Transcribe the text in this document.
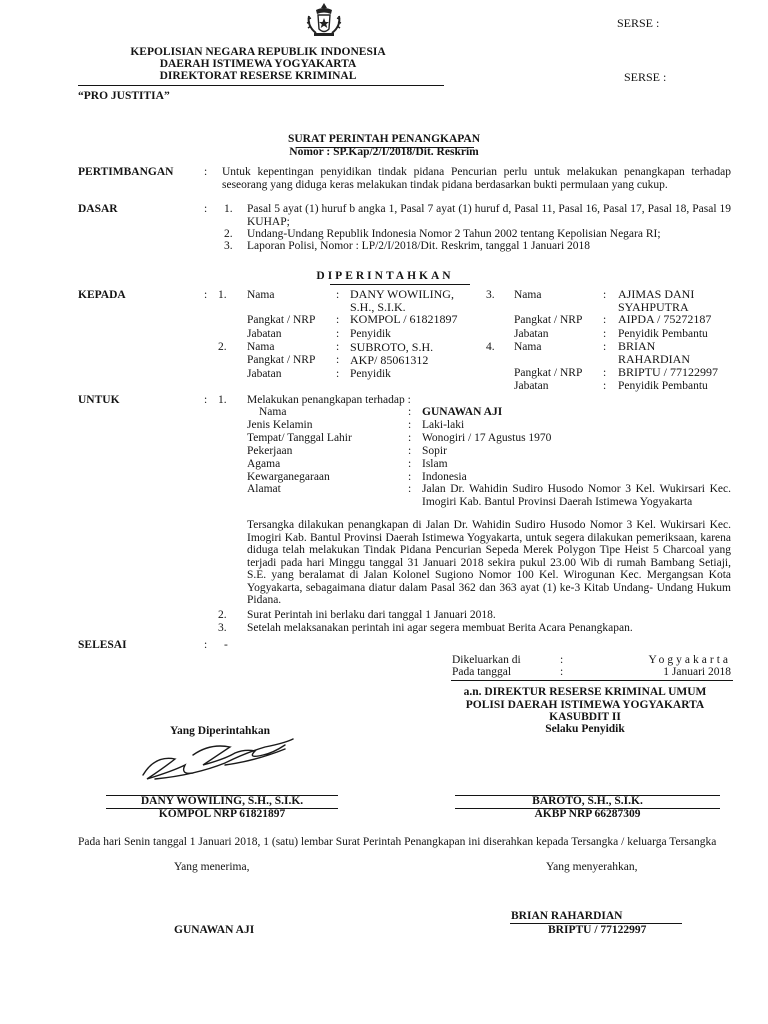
SERSE :
KEPOLISIAN NEGARA REPUBLIK INDONESIA
DAERAH ISTIMEWA YOGYAKARTA
DIREKTORAT RESERSE KRIMINAL	SERSE :
“PRO JUSTITIA”
SURAT PERINTAH PENANGKAPAN
Nomor : SP.Kap/2/I/2018/Dit. Reskrim
PERTIMBANGAN	: Untuk kepentingan penyidikan tindak pidana Pencurian perlu untuk melakukan penangkapan terhadap seseorang yang diduga keras melakukan tindak pidana berdasarkan bukti permulaan yang cukup.
DASAR	: 1. Pasal 5 ayat (1) huruf b angka 1, Pasal 7 ayat (1) huruf d, Pasal 11, Pasal 16, Pasal 17, Pasal 18, Pasal 19 KUHAP;
2. Undang-Undang Republik Indonesia Nomor 2 Tahun 2002 tentang Kepolisian Negara RI;
3. Laporan Polisi, Nomor : LP/2/I/2018/Dit. Reskrim, tanggal 1 Januari 2018
DIPERINTAHKAN
KEPADA	: 1. Nama	: DANY WOWILING, S.H., S.I.K.
Pangkat / NRP : KOMPOL / 61821897
Jabatan	: Penyidik
2. Nama	: SUBROTO, S.H.
Pangkat / NRP : AKP/ 85061312
Jabatan	: Penyidik
3. Nama	: AJIMAS DANI SYAHPUTRA
Pangkat / NRP : AIPDA / 75272187
Jabatan	: Penyidik Pembantu
4. Nama	: BRIAN RAHARDIAN
Pangkat / NRP : BRIPTU / 77122997
Jabatan	: Penyidik Pembantu
UNTUK	: 1. Melakukan penangkapan terhadap :
Nama	: GUNAWAN AJI
Jenis Kelamin	: Laki-laki
Tempat/ Tanggal Lahir	: Wonogiri / 17 Agustus 1970
Pekerjaan	: Sopir
Agama	: Islam
Kewarganegaraan	: Indonesia
Alamat	: Jalan Dr. Wahidin Sudiro Husodo Nomor 3 Kel. Wukirsari Kec. Imogiri Kab. Bantul Provinsi Daerah Istimewa Yogyakarta
Tersangka dilakukan penangkapan di Jalan Dr. Wahidin Sudiro Husodo Nomor 3 Kel. Wukirsari Kec. Imogiri Kab. Bantul Provinsi Daerah Istimewa Yogyakarta, untuk segera dilakukan pemeriksaan, karena diduga telah melakukan Tindak Pidana Pencurian Sepeda Merek Polygon Tipe Heist 5 Charcoal yang terjadi pada hari Minggu tanggal 31 Januari 2018 sekira pukul 23.00 Wib di rumah Bambang Setiaji, S.E. yang beralamat di Jalan Kolonel Sugiono Nomor 100 Kel. Wirogunan Kec. Mergangsan Kota Yogyakarta, sebagaimana diatur dalam Pasal 362 dan 363 ayat (1) ke-3 Kitab Undang- Undang Hukum Pidana.
2. Surat Perintah ini berlaku dari tanggal 1 Januari 2018.
3. Setelah melaksanakan perintah ini agar segera membuat Berita Acara Penangkapan.
SELESAI	: -
Dikeluarkan di	:	Yogyakarta
Pada tanggal	:	1 Januari 2018
a.n. DIREKTUR RESERSE KRIMINAL UMUM
POLISI DAERAH ISTIMEWA YOGYAKARTA
KASUBDIT II
Selaku Penyidik
Yang Diperintahkan
DANY WOWILING, S.H., S.I.K.
KOMPOL NRP 61821897
BAROTO, S.H., S.I.K.
AKBP NRP 66287309
Pada hari Senin tanggal 1 Januari 2018, 1 (satu) lembar Surat Perintah Penangkapan ini diserahkan kepada Tersangka / keluarga Tersangka
Yang menerima,	Yang menyerahkan,
BRIAN RAHARDIAN
GUNAWAN AJI	BRIPTU / 77122997
